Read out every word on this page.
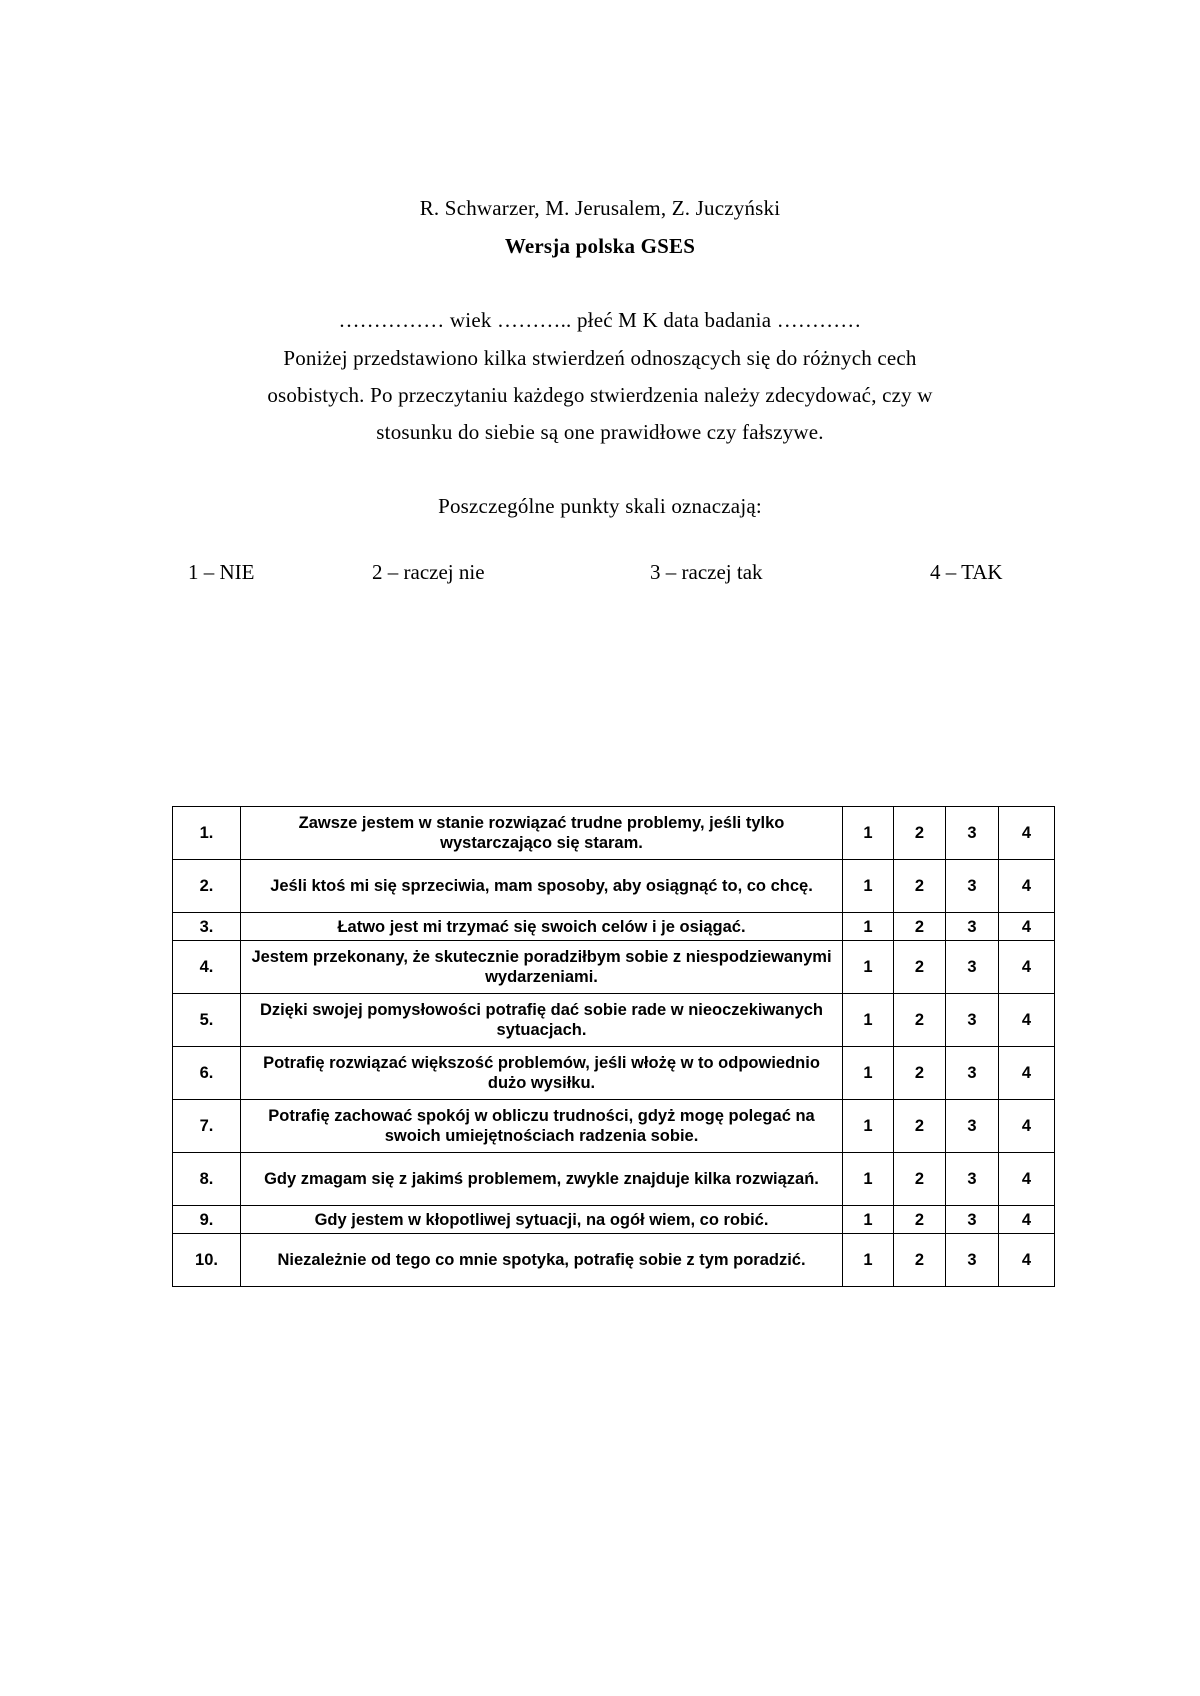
R. Schwarzer, M. Jerusalem, Z. Juczyński
Wersja polska GSES
…………… wiek ……….. płeć M K data badania …………
Poniżej przedstawiono kilka stwierdzeń odnoszących się do różnych cech
osobistych. Po przeczytaniu każdego stwierdzenia należy zdecydować, czy w
stosunku do siebie są one prawidłowe czy fałszywe.
Poszczególne punkty skali oznaczają:
1 – NIE	2 – raczej nie	3 – raczej tak	4 – TAK
1.	Zawsze jestem w stanie rozwiązać trudne problemy, jeśli tylko wystarczająco się staram.	1	2	3	4
2.	Jeśli ktoś mi się sprzeciwia, mam sposoby, aby osiągnąć to, co chcę.	1	2	3	4
3.	Łatwo jest mi trzymać się swoich celów i je osiągać.	1	2	3	4
4.	Jestem przekonany, że skutecznie poradziłbym sobie z niespodziewanymi wydarzeniami.	1	2	3	4
5.	Dzięki swojej pomysłowości potrafię dać sobie rade w nieoczekiwanych sytuacjach.	1	2	3	4
6.	Potrafię rozwiązać większość problemów, jeśli włożę w to odpowiednio dużo wysiłku.	1	2	3	4
7.	Potrafię zachować spokój w obliczu trudności, gdyż mogę polegać na swoich umiejętnościach radzenia sobie.	1	2	3	4
8.	Gdy zmagam się z jakimś problemem, zwykle znajduje kilka rozwiązań.	1	2	3	4
9.	Gdy jestem w kłopotliwej sytuacji, na ogół wiem, co robić.	1	2	3	4
10.	Niezależnie od tego co mnie spotyka, potrafię sobie z tym poradzić.	1	2	3	4
